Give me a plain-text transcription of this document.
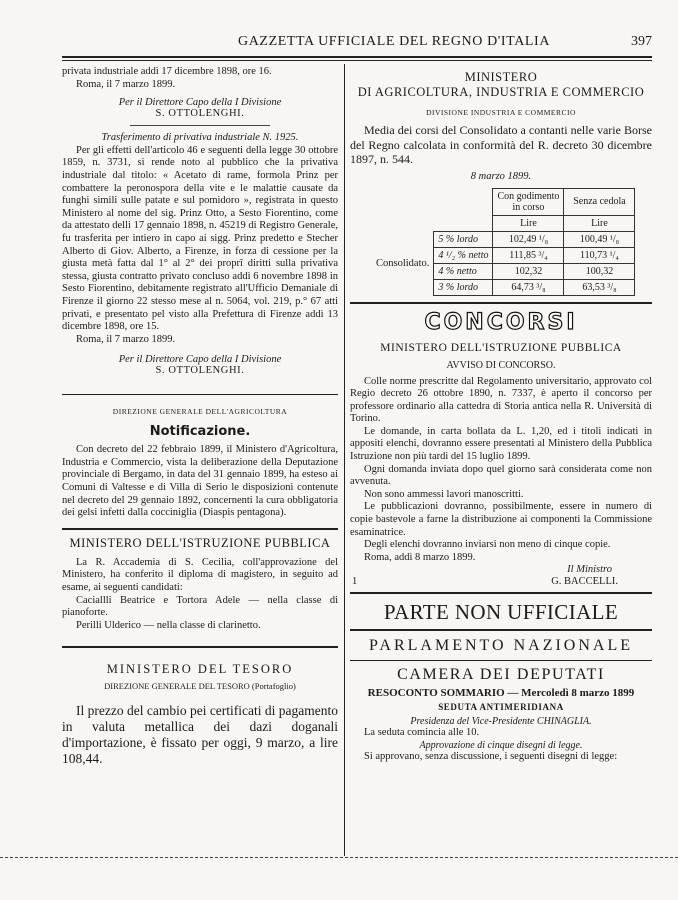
GAZZETTA UFFICIALE DEL REGNO D'ITALIA	397

privata industriale addì 17 dicembre 1898, ore 16.

Roma, il 7 marzo 1899.

Per il Direttore Capo della I Divisione
S. OTTOLENGHI.

Trasferimento di privativa industriale N. 1925.

Per gli effetti dell'articolo 46 e seguenti della legge 30 ottobre 1859, n. 3731, si rende noto al pubblico che la privativa industriale dal titolo: « Acetato di rame, formola Prinz per combattere la peronospora della vite e le malattie causate da funghi simili sulle patate e sul pomidoro », registrata in questo Ministero al nome del sig. Prinz Otto, a Sesto Fiorentino, come da attestato delli 17 gennaio 1898, n. 45219 di Registro Generale, fu trasferita per intiero in capo ai sigg. Prinz predetto e Stecher Alberto di Giov. Alberto, a Firenze, in forza di cessione per la giusta metà fatta dal 1° al 2° dei proprî diritti sulla privativa stessa, giusta contratto privato concluso addì 6 novembre 1898 in Sesto Fiorentino, debitamente registrato all'Ufficio Demaniale di Firenze il giorno 22 stesso mese al n. 5064, vol. 219, p.° 67 atti privati, e presentato pel visto alla Prefettura di Firenze addì 13 dicembre 1898, ore 15.

Roma, il 7 marzo 1899.

Per il Direttore Capo della I Divisione
S. OTTOLENGHI.
DIREZIONE GENERALE DELL'AGRICOLTURA
Notificazione.

Con decreto del 22 febbraio 1899, il Ministero d'Agricoltura, Industria e Commercio, vista la deliberazione della Deputazione provinciale di Bergamo, in data del 31 gennaio 1899, ha esteso ai Comuni di Valtesse e di Villa di Serio le disposizioni contenute nel decreto del 29 gennaio 1892, concernenti la cura obbligatoria dei gelsi infetti dalla cocciniglia (Diaspis pentagona).

MINISTERO DELL'ISTRUZIONE PUBBLICA

La R. Accademia di S. Cecilia, coll'approvazione del Ministero, ha conferito il diploma di magistero, in seguito ad esame, ai seguenti candidati:

Caciallli Beatrice e Tortora Adele — nella classe di pianoforte.

Perilli Ulderico — nella classe di clarinetto.

MINISTERO DEL TESORO
DIREZIONE GENERALE DEL TESORO (Portafoglio)

Il prezzo del cambio pei certificati di pagamento in valuta metallica dei dazi doganali d'importazione, è fissato per oggi, 9 marzo, a lire 108,44.

MINISTERO
DI AGRICOLTURA, INDUSTRIA E COMMERCIO
DIVISIONE INDUSTRIA E COMMERCIO

Media dei corsi del Consolidato a contanti nelle varie Borse del Regno calcolata in conformità del R. decreto 30 dicembre 1897, n. 544.

8 marzo 1899.
		Con godimento in corso	Senza cedola
		Lire	Lire
Consolidato.	5 % lordo	102,49 ¹/₈	100,49 ¹/₈
	4 ¹/₂ % netto	111,85 ³/₄	110,73 ¹/₄
	4 % netto	102,32	100,32
	3 % lordo	64,73 ³/₈	63,53 ³/₈
CONCORSI
MINISTERO DELL'ISTRUZIONE PUBBLICA
AVVISO DI CONCORSO.

Colle norme prescritte dal Regolamento universitario, approvato col Regio decreto 26 ottobre 1890, n. 7337, è aperto il concorso per professore ordinario alla cattedra di Storia antica nella R. Università di Torino.

Le domande, in carta bollata da L. 1,20, ed i titoli indicati in appositi elenchi, dovranno essere presentati al Ministero della Pubblica Istruzione non più tardi del 15 luglio 1899.

Ogni domanda inviata dopo quel giorno sarà considerata come non avvenuta.

Non sono ammessi lavori manoscritti.

Le pubblicazioni dovranno, possibilmente, essere in numero di copie bastevole a farne la distribuzione ai componenti la Commissione esaminatrice.

Degli elenchi dovranno inviarsi non meno di cinque copie.

Roma, addì 8 marzo 1899.

1
Il Ministro
G. BACCELLI.
PARTE NON UFFICIALE
PARLAMENTO NAZIONALE
CAMERA DEI DEPUTATI
RESOCONTO SOMMARIO — Mercoledì 8 marzo 1899
SEDUTA ANTIMERIDIANA
Presidenza del Vice-Presidente CHINAGLIA.

La seduta comincia alle 10.

Approvazione di cinque disegni di legge.

Si approvano, senza discussione, i seguenti disegni di legge:
